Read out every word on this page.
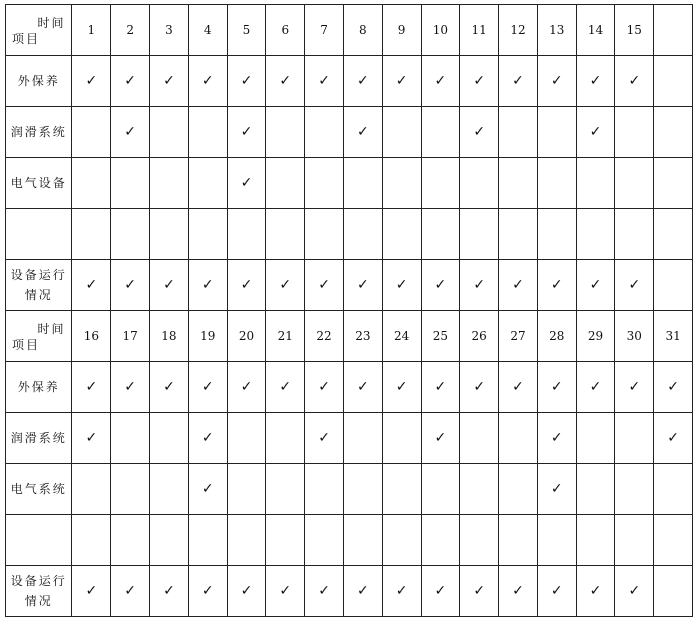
时间
项目	1	2	3	4	5	6	7	8	9	10	11	12	13	14	15	

外保养	✓	✓	✓	✓	✓	✓	✓	✓	✓	✓	✓	✓	✓	✓	✓	

润滑系统		✓			✓			✓			✓			✓		

电气设备					✓											

设备运行
情况	✓	✓	✓	✓	✓	✓	✓	✓	✓	✓	✓	✓	✓	✓	✓	

时间
项目	16	17	18	19	20	21	22	23	24	25	26	27	28	29	30	31

外保养	✓	✓	✓	✓	✓	✓	✓	✓	✓	✓	✓	✓	✓	✓	✓	✓

润滑系统	✓			✓			✓			✓			✓			✓

电气系统				✓									✓			

设备运行
情况	✓	✓	✓	✓	✓	✓	✓	✓	✓	✓	✓	✓	✓	✓	✓	
